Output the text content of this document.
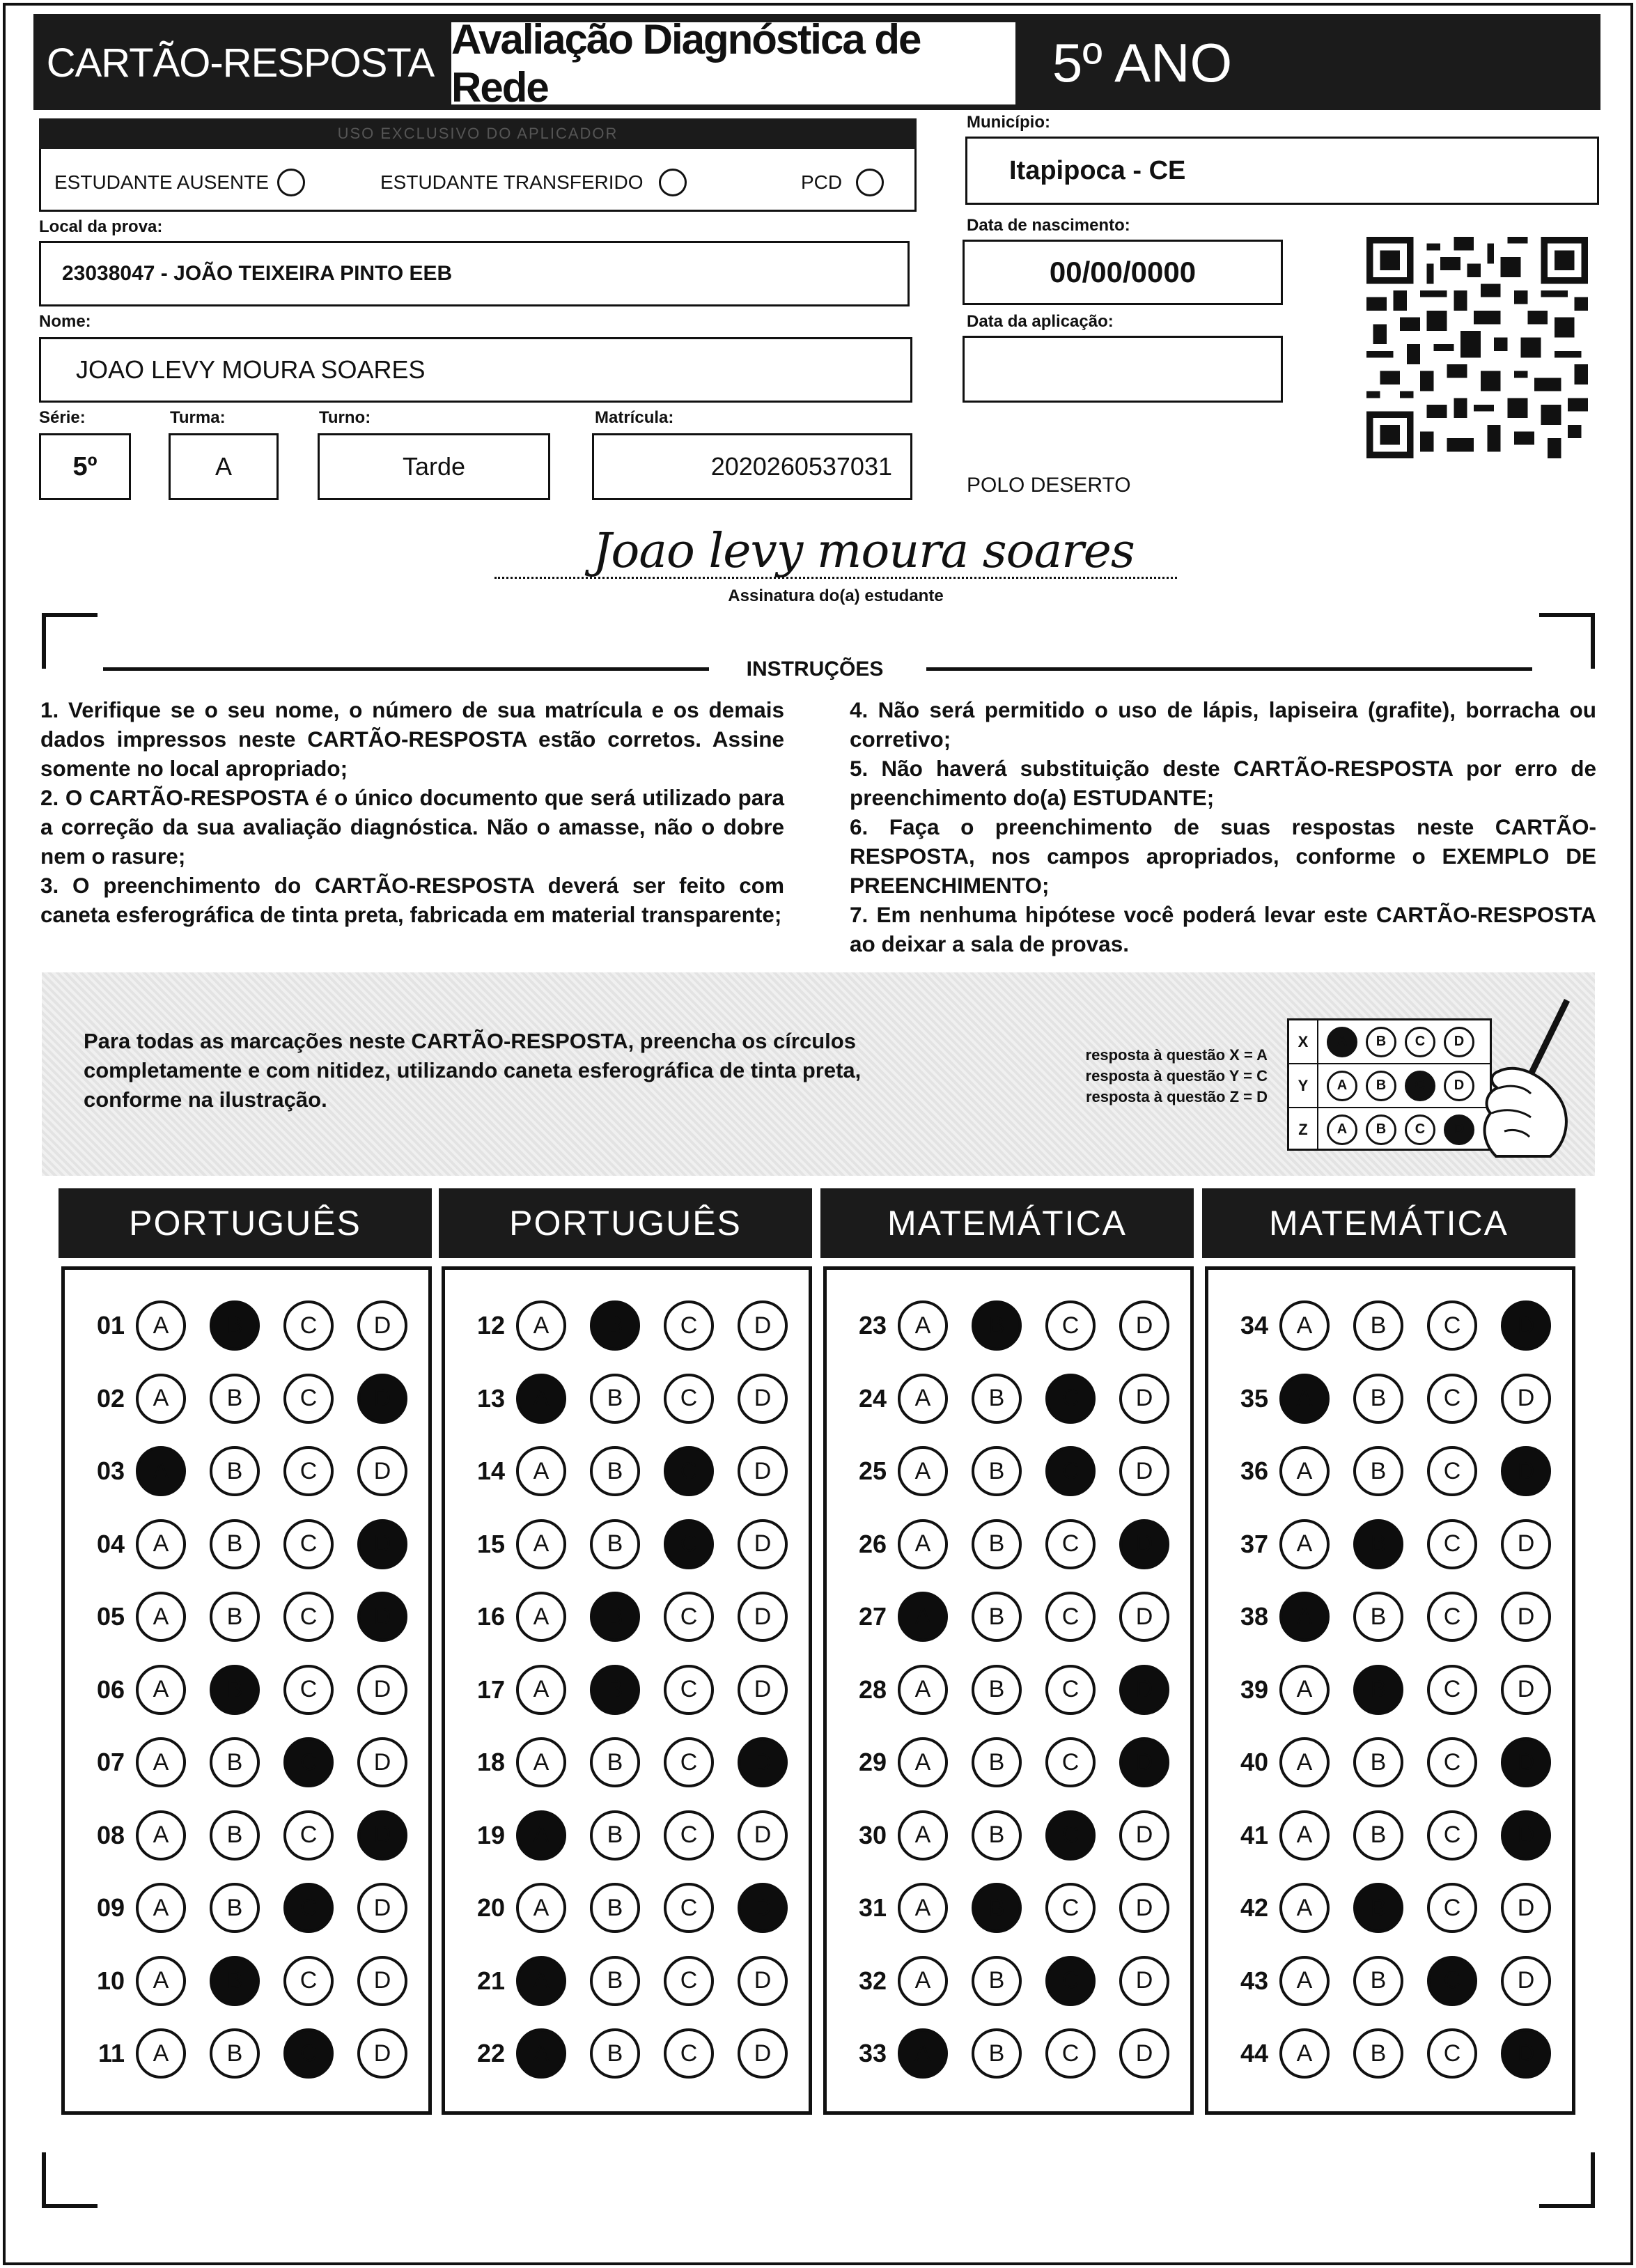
CARTÃO-RESPOSTA Avaliação Diagnóstica de Rede	5º ANO
USO EXCLUSIVO DO APLICADOR
ESTUDANTE AUSENTE	ESTUDANTE TRANSFERIDO	PCD
Município:
Itapipoca - CE
Local da prova:
23038047 - JOÃO TEIXEIRA PINTO EEB
Data de nascimento:
00/00/0000
Nome:
JOAO LEVY MOURA SOARES
Data da aplicação:
Série:
5º
Turma:
A
Turno:
Tarde
Matrícula:
2020260537031
POLO DESERTO
Joao levy moura soares
Assinatura do(a) estudante
INSTRUÇÕES
1. Verifique se o seu nome, o número de sua matrícula e os demais dados impressos neste CARTÃO-RESPOSTA estão corretos. Assine somente no local apropriado;
2. O CARTÃO-RESPOSTA é o único documento que será utilizado para a correção da sua avaliação diagnóstica. Não o amasse, não o dobre nem o rasure;
3. O preenchimento do CARTÃO-RESPOSTA deverá ser feito com caneta esferográfica de tinta preta, fabricada em material transparente;
4. Não será permitido o uso de lápis, lapiseira (grafite), borracha ou corretivo;
5. Não haverá substituição deste CARTÃO-RESPOSTA por erro de preenchimento do(a) ESTUDANTE;
6. Faça o preenchimento de suas respostas neste CARTÃO-RESPOSTA, nos campos apropriados, conforme o EXEMPLO DE PREENCHIMENTO;
7. Em nenhuma hipótese você poderá levar este CARTÃO-RESPOSTA ao deixar a sala de provas.
Para todas as marcações neste CARTÃO-RESPOSTA, preencha os círculos completamente e com nitidez, utilizando caneta esferográfica de tinta preta, conforme na ilustração.
resposta à questão X = A
resposta à questão Y = C
resposta à questão Z = D
X	A	B	C	D
Y	A	B	C	D
Z	A	B	C	D
PORTUGUÊS
01	A	B	C	D
02	A	B	C	D
03	A	B	C	D
04	A	B	C	D
05	A	B	C	D
06	A	B	C	D
07	A	B	C	D
08	A	B	C	D
09	A	B	C	D
10	A	B	C	D
11	A	B	C	D
PORTUGUÊS
12	A	B	C	D
13	A	B	C	D
14	A	B	C	D
15	A	B	C	D
16	A	B	C	D
17	A	B	C	D
18	A	B	C	D
19	A	B	C	D
20	A	B	C	D
21	A	B	C	D
22	A	B	C	D
MATEMÁTICA
23	A	B	C	D
24	A	B	C	D
25	A	B	C	D
26	A	B	C	D
27	A	B	C	D
28	A	B	C	D
29	A	B	C	D
30	A	B	C	D
31	A	B	C	D
32	A	B	C	D
33	A	B	C	D
MATEMÁTICA
34	A	B	C	D
35	A	B	C	D
36	A	B	C	D
37	A	B	C	D
38	A	B	C	D
39	A	B	C	D
40	A	B	C	D
41	A	B	C	D
42	A	B	C	D
43	A	B	C	D
44	A	B	C	D
